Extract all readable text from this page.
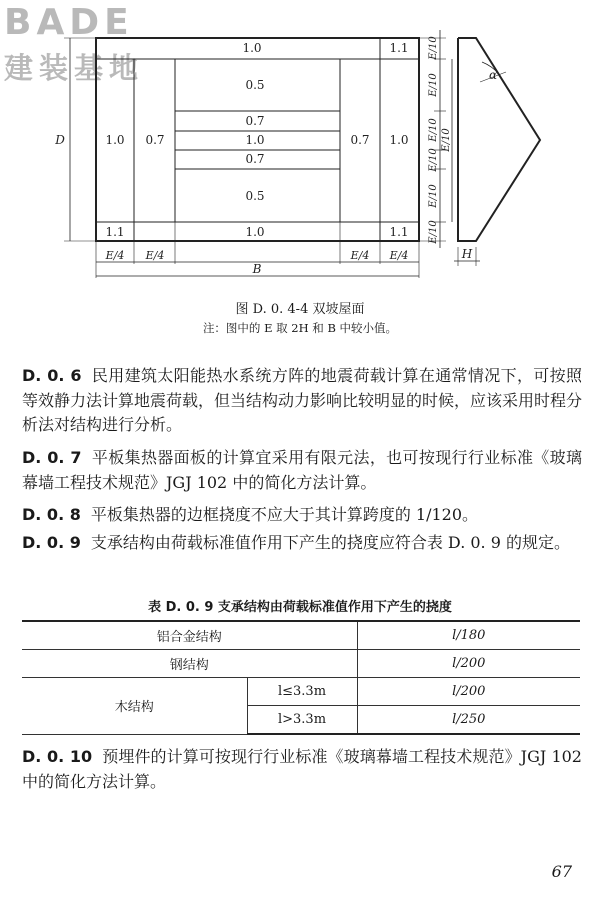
BADE
建装基地
1.0	1.1
0.5
0.7
1.0
0.7
0.5
1.0 0.7	0.7 1.0
1.1	1.0	1.1
D
E/4 E/4	E/4 E/4
B
H
α
E/10
E/10
E/10
E/10
E/10
E/10
E/10
图 D. 0. 4-4 双坡屋面
注：图中的 E 取 2H 和 B 中较小值。
D. 0. 6 民用建筑太阳能热水系统方阵的地震荷载计算在通常情况下，可按照等效静力法计算地震荷载，但当结构动力影响比较明显的时候，应该采用时程分析法对结构进行分析。
D. 0. 7 平板集热器面板的计算宜采用有限元法，也可按现行行业标准《玻璃幕墙工程技术规范》JGJ 102 中的简化方法计算。
D. 0. 8 平板集热器的边框挠度不应大于其计算跨度的 1/120。
D. 0. 9 支承结构由荷载标准值作用下产生的挠度应符合表 D. 0. 9 的规定。
表 D. 0. 9 支承结构由荷载标准值作用下产生的挠度
铝合金结构		l/180
钢结构		l/200
木结构	l≤3.3m	l/200
	l>3.3m	l/250
D. 0. 10 预埋件的计算可按现行行业标准《玻璃幕墙工程技术规范》JGJ 102 中的简化方法计算。
67
